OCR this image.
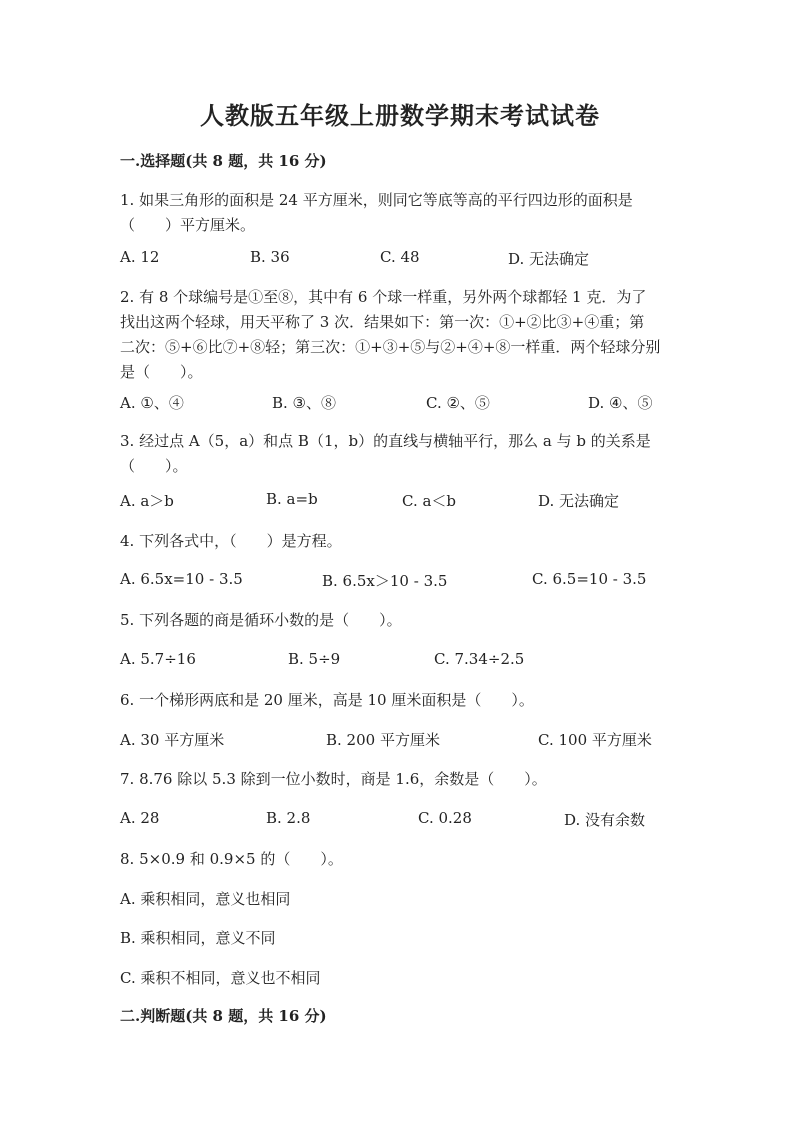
人教版五年级上册数学期末考试试卷
一.选择题(共 8 题，共 16 分)
1. 如果三角形的面积是 24 平方厘米，则同它等底等高的平行四边形的面积是
（　　）平方厘米。
A. 12	B. 36	C. 48	D. 无法确定
2. 有 8 个球编号是①至⑧，其中有 6 个球一样重，另外两个球都轻 1 克．为了
找出这两个轻球，用天平称了 3 次．结果如下：第一次：①+②比③+④重；第
二次：⑤+⑥比⑦+⑧轻；第三次：①+③+⑤与②+④+⑧一样重．两个轻球分别
是（　　）。
A. ①、④	B. ③、⑧	C. ②、⑤	D. ④、⑤
3. 经过点 A（5，a）和点 B（1，b）的直线与横轴平行，那么 a 与 b 的关系是
（　　）。
A. a＞b	B. a=b	C. a＜b	D. 无法确定
4. 下列各式中，（　　）是方程。
A. 6.5x=10 - 3.5	B. 6.5x＞10 - 3.5	C. 6.5=10 - 3.5
5. 下列各题的商是循环小数的是（　　）。
A. 5.7÷16	B. 5÷9	C. 7.34÷2.5
6. 一个梯形两底和是 20 厘米，高是 10 厘米面积是（　　）。
A. 30 平方厘米	B. 200 平方厘米	C. 100 平方厘米
7. 8.76 除以 5.3 除到一位小数时，商是 1.6，余数是（　　）。
A. 28	B. 2.8	C. 0.28	D. 没有余数
8. 5×0.9 和 0.9×5 的（　　）。
A. 乘积相同，意义也相同
B. 乘积相同，意义不同
C. 乘积不相同，意义也不相同
二.判断题(共 8 题，共 16 分)
